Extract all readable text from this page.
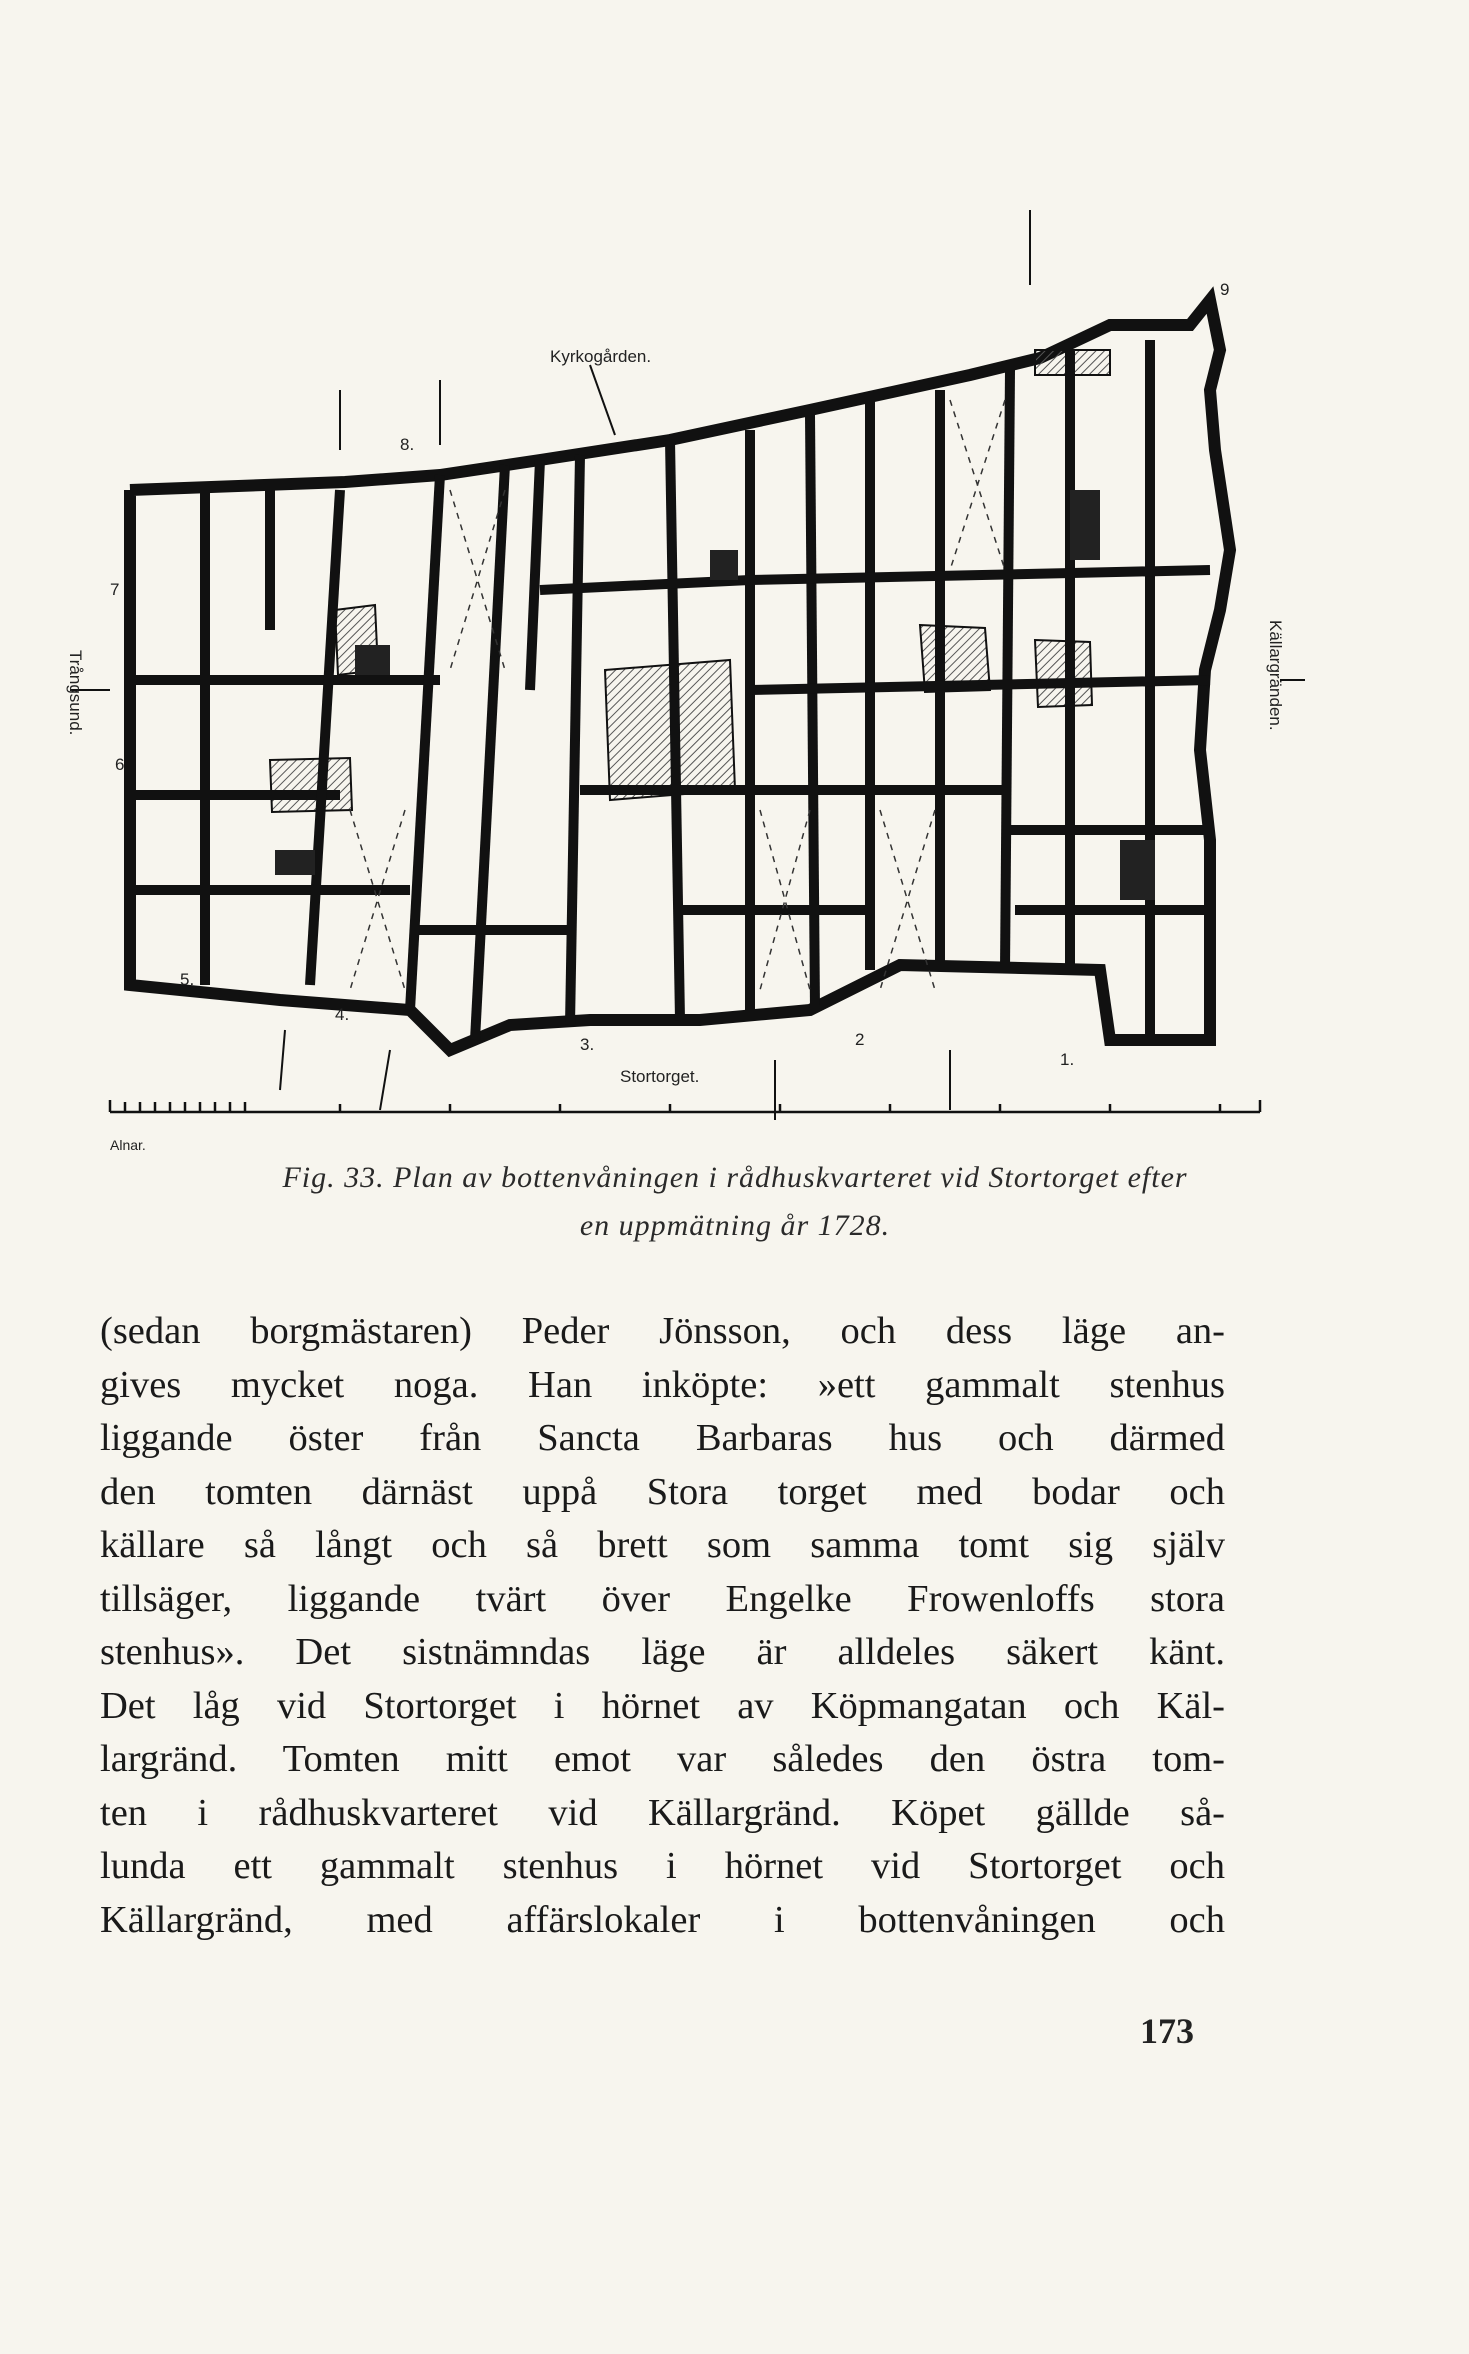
Kyrkogården.
Stortorget.
Alnar.
Trångsund.	Källargränden.
1.
2
3.
4.
5.
6
7
8.
9
Fig. 33. Plan av bottenvåningen i rådhuskvarteret vid Stortorget efter
en uppmätning år 1728.
(sedan borgmästaren) Peder Jönsson, och dess läge an-
gives mycket noga. Han inköpte: »ett gammalt stenhus
liggande öster från Sancta Barbaras hus och därmed
den tomten därnäst uppå Stora torget med bodar och
källare så långt och så brett som samma tomt sig själv
tillsäger, liggande tvärt över Engelke Frowenloffs stora
stenhus». Det sistnämndas läge är alldeles säkert känt.
Det låg vid Stortorget i hörnet av Köpmangatan och Käl-
largränd. Tomten mitt emot var således den östra tom-
ten i rådhuskvarteret vid Källargränd. Köpet gällde så-
lunda ett gammalt stenhus i hörnet vid Stortorget och
Källargränd, med affärslokaler i bottenvåningen och
173
